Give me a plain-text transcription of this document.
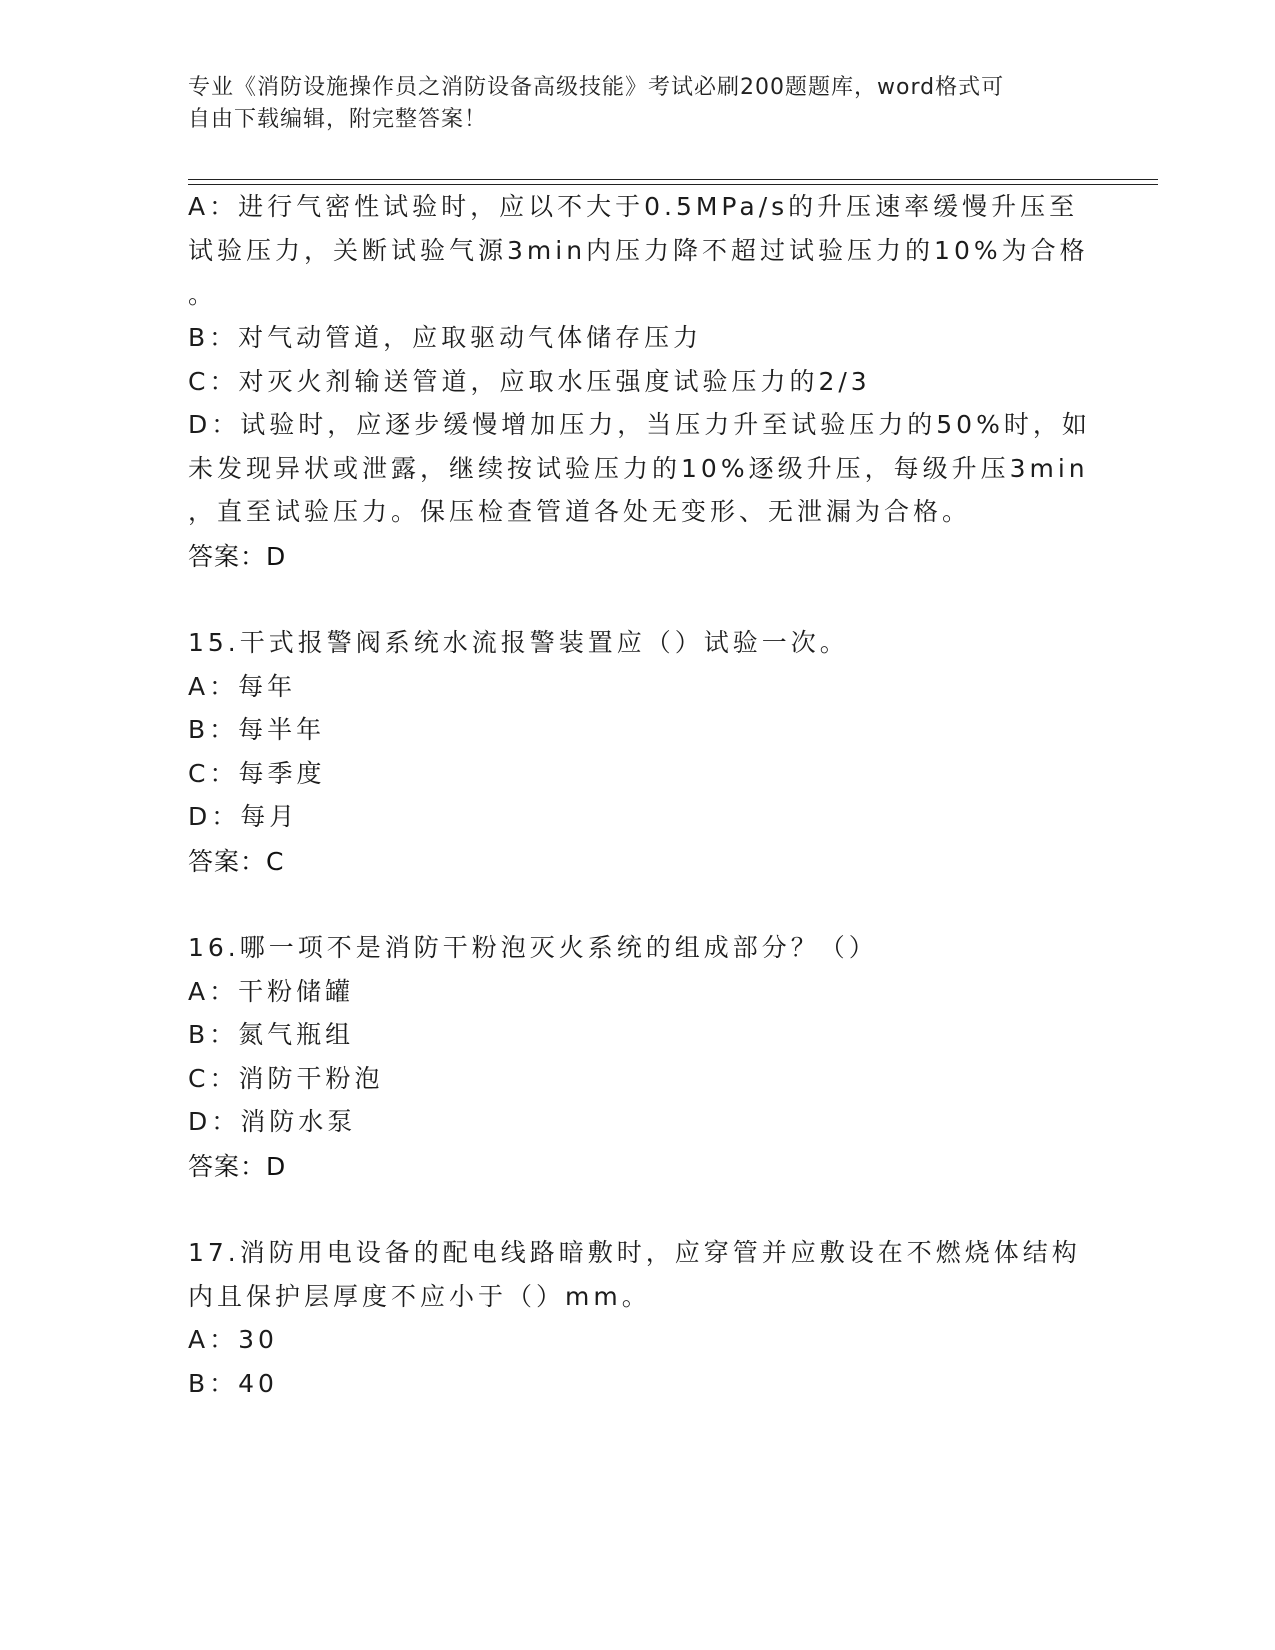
专业《消防设施操作员之消防设备高级技能》考试必刷200题题库，word格式可
自由下载编辑，附完整答案！
A：进行气密性试验时，应以不大于0.5MPa/s的升压速率缓慢升压至
试验压力，关断试验气源3min内压力降不超过试验压力的10%为合格
。
B：对气动管道，应取驱动气体储存压力
C：对灭火剂输送管道，应取水压强度试验压力的2/3
D：试验时，应逐步缓慢增加压力，当压力升至试验压力的50%时，如
未发现异状或泄露，继续按试验压力的10%逐级升压，每级升压3min
，直至试验压力。保压检查管道各处无变形、无泄漏为合格。
答案：D
15.干式报警阀系统水流报警装置应（）试验一次。
A：每年
B：每半年
C：每季度
D：每月
答案：C
16.哪一项不是消防干粉泡灭火系统的组成部分？（）
A：干粉储罐
B：氮气瓶组
C：消防干粉泡
D：消防水泵
答案：D
17.消防用电设备的配电线路暗敷时，应穿管并应敷设在不燃烧体结构
内且保护层厚度不应小于（）mm。
A：30
B：40
